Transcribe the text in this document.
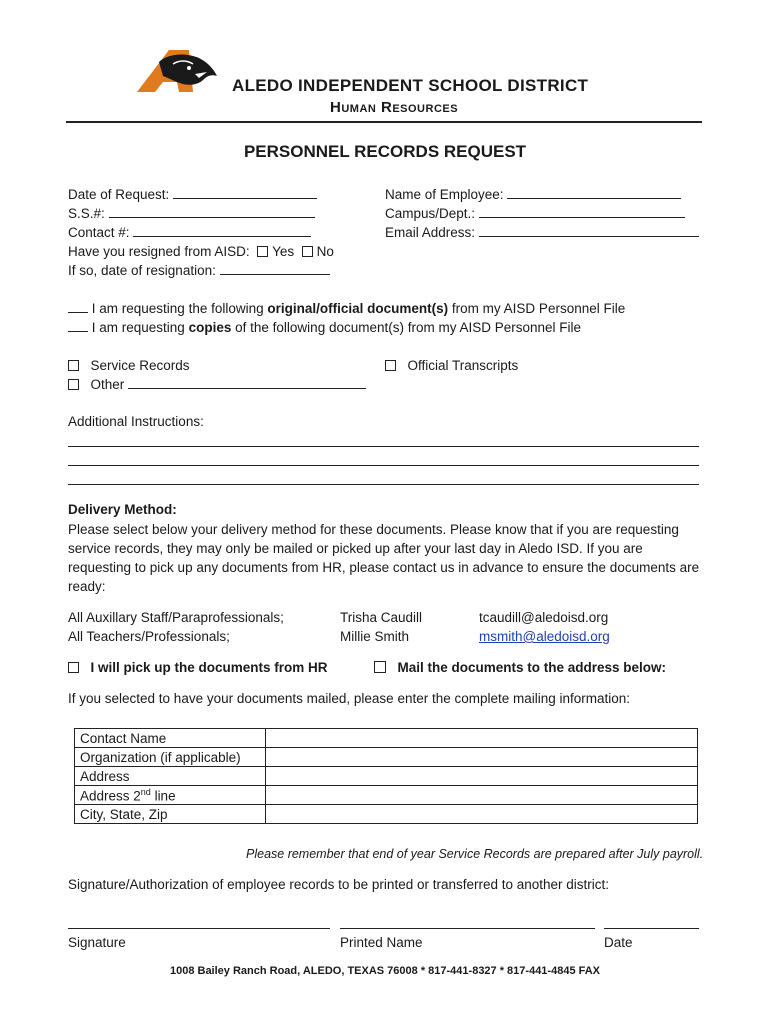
ALEDO INDEPENDENT SCHOOL DISTRICT
Human Resources
PERSONNEL RECORDS REQUEST
Date of Request:
S.S.#:
Contact #:
Have you resigned from AISD: Yes No
If so, date of resignation:
Name of Employee:
Campus/Dept.:
Email Address:
I am requesting the following original/official document(s) from my AISD Personnel File
I am requesting copies of the following document(s) from my AISD Personnel File
Service Records
Other
Official Transcripts
Additional Instructions:
Delivery Method:
Please select below your delivery method for these documents. Please know that if you are requesting service records, they may only be mailed or picked up after your last day in Aledo ISD. If you are requesting to pick up any documents from HR, please contact us in advance to ensure the documents are ready:
All Auxillary Staff/Paraprofessionals;	Trisha Caudill	tcaudill@aledoisd.org
All Teachers/Professionals;	Millie Smith	msmith@aledoisd.org
I will pick up the documents from HR	Mail the documents to the address below:
If you selected to have your documents mailed, please enter the complete mailing information:
Contact Name	
Organization (if applicable)	
Address	
Address 2nd line	
City, State, Zip	
Please remember that end of year Service Records are prepared after July payroll.
Signature/Authorization of employee records to be printed or transferred to another district:
Signature	Printed Name	Date
1008 Bailey Ranch Road, ALEDO, TEXAS 76008 * 817-441-8327 * 817-441-4845 FAX
